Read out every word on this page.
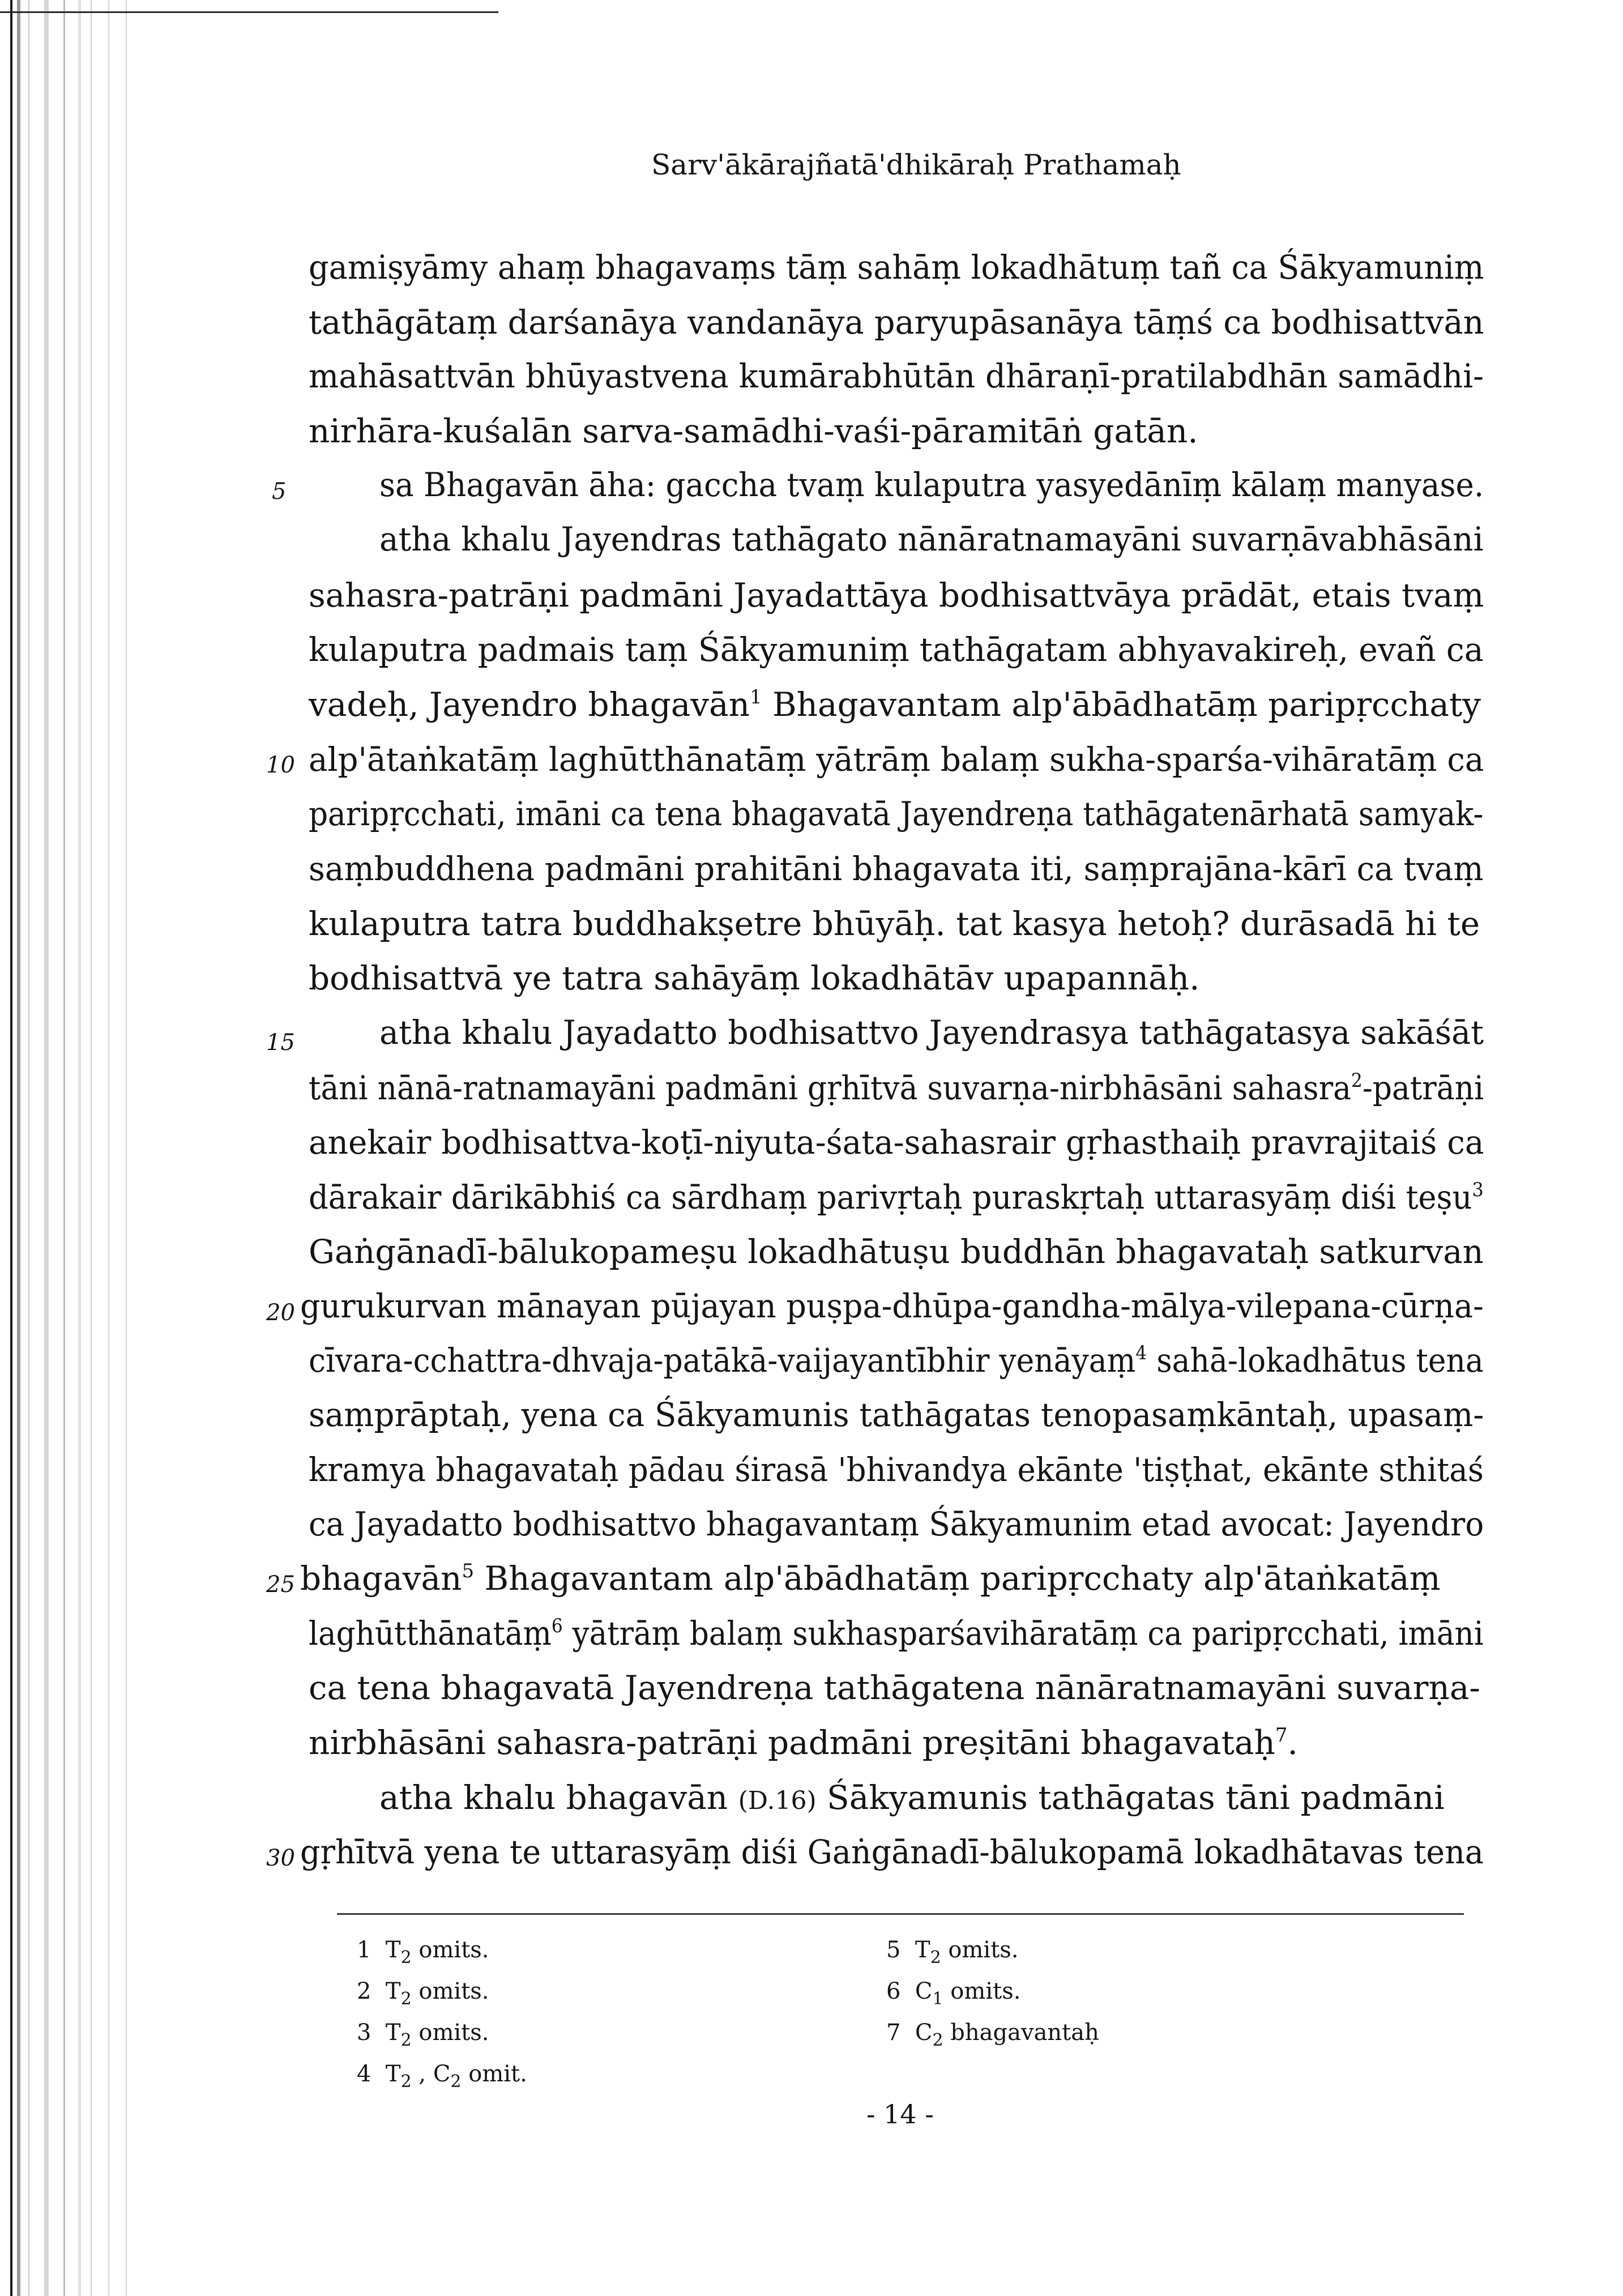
Sarv'ākārajñatā'dhikāraḥ Prathamaḥ
gamiṣyāmy ahaṃ bhagavaṃs tāṃ sahāṃ lokadhātuṃ tañ ca Śākyamuniṃ
tathāgātaṃ darśanāya vandanāya paryupāsanāya tāṃś ca bodhisattvān
mahāsattvān bhūyastvena kumārabhūtān dhāraṇī-pratilabdhān samādhi-
nirhāra-kuśalān sarva-samādhi-vaśi-pāramitāṅ gatān.
5	sa Bhagavān āha: gaccha tvaṃ kulaputra yasyedānīṃ kālaṃ manyase.
atha khalu Jayendras tathāgato nānāratnamayāni suvarṇāvabhāsāni
sahasra-patrāṇi padmāni Jayadattāya bodhisattvāya prādāt, etais tvaṃ
kulaputra padmais taṃ Śākyamuniṃ tathāgatam abhyavakireḥ, evañ ca
vadeḥ, Jayendro bhagavān$^1$ Bhagavantam alp'ābādhatāṃ paripṛcchaty
10 alp'ātaṅkatāṃ laghūtthānatāṃ yātrāṃ balaṃ sukha-sparśa-vihāratāṃ ca
paripṛcchati, imāni ca tena bhagavatā Jayendreṇa tathāgatenārhatā samyak-
saṃbuddhena padmāni prahitāni bhagavata iti, saṃprajāna-kārī ca tvaṃ
kulaputra tatra buddhakṣetre bhūyāḥ. tat kasya hetoḥ? durāsadā hi te
bodhisattvā ye tatra sahāyāṃ lokadhātāv upapannāḥ.
15	atha khalu Jayadatto bodhisattvo Jayendrasya tathāgatasya sakāśāt
tāni nānā-ratnamayāni padmāni gṛhītvā suvarṇa-nirbhāsāni sahasra$^2$-patrāṇi
anekair bodhisattva-koṭī-niyuta-śata-sahasrair gṛhasthaiḥ pravrajitaiś ca
dārakair dārikābhiś ca sārdhaṃ parivṛtaḥ puraskṛtaḥ uttarasyāṃ diśi teṣu$^3$
Gaṅgānadī-bālukopameṣu lokadhātuṣu buddhān bhagavataḥ satkurvan
20 gurukurvan mānayan pūjayan puṣpa-dhūpa-gandha-mālya-vilepana-cūrṇa-
cīvara-cchattra-dhvaja-patākā-vaijayantībhir yenāyaṃ$^4$ sahā-lokadhātus tena
saṃprāptaḥ, yena ca Śākyamunis tathāgatas tenopasaṃkāntaḥ, upasaṃ-
kramya bhagavataḥ pādau śirasā 'bhivandya ekānte 'tiṣṭhat, ekānte sthitaś
ca Jayadatto bodhisattvo bhagavantaṃ Śākyamunim etad avocat: Jayendro
25 bhagavān$^5$ Bhagavantam alp'ābādhatāṃ paripṛcchaty alp'ātaṅkatāṃ
laghūtthānatāṃ$^6$ yātrāṃ balaṃ sukhasparśavihāratāṃ ca paripṛcchati, imāni
ca tena bhagavatā Jayendreṇa tathāgatena nānāratnamayāni suvarṇa-
nirbhāsāni sahasra-patrāṇi padmāni preṣitāni bhagavataḥ$^7$.
atha khalu bhagavān (D.16) Śākyamunis tathāgatas tāni padmāni
30 gṛhītvā yena te uttarasyāṃ diśi Gaṅgānadī-bālukopamā lokadhātavas tena
1 $T_2$ omits.
2 $T_2$ omits.
3 $T_2$ omits.
4 $T_2$ , $C_2$ omit.
5 $T_2$ omits.
6 $C_1$ omits.
7 $C_2$ bhagavantaḥ
- 14 -
